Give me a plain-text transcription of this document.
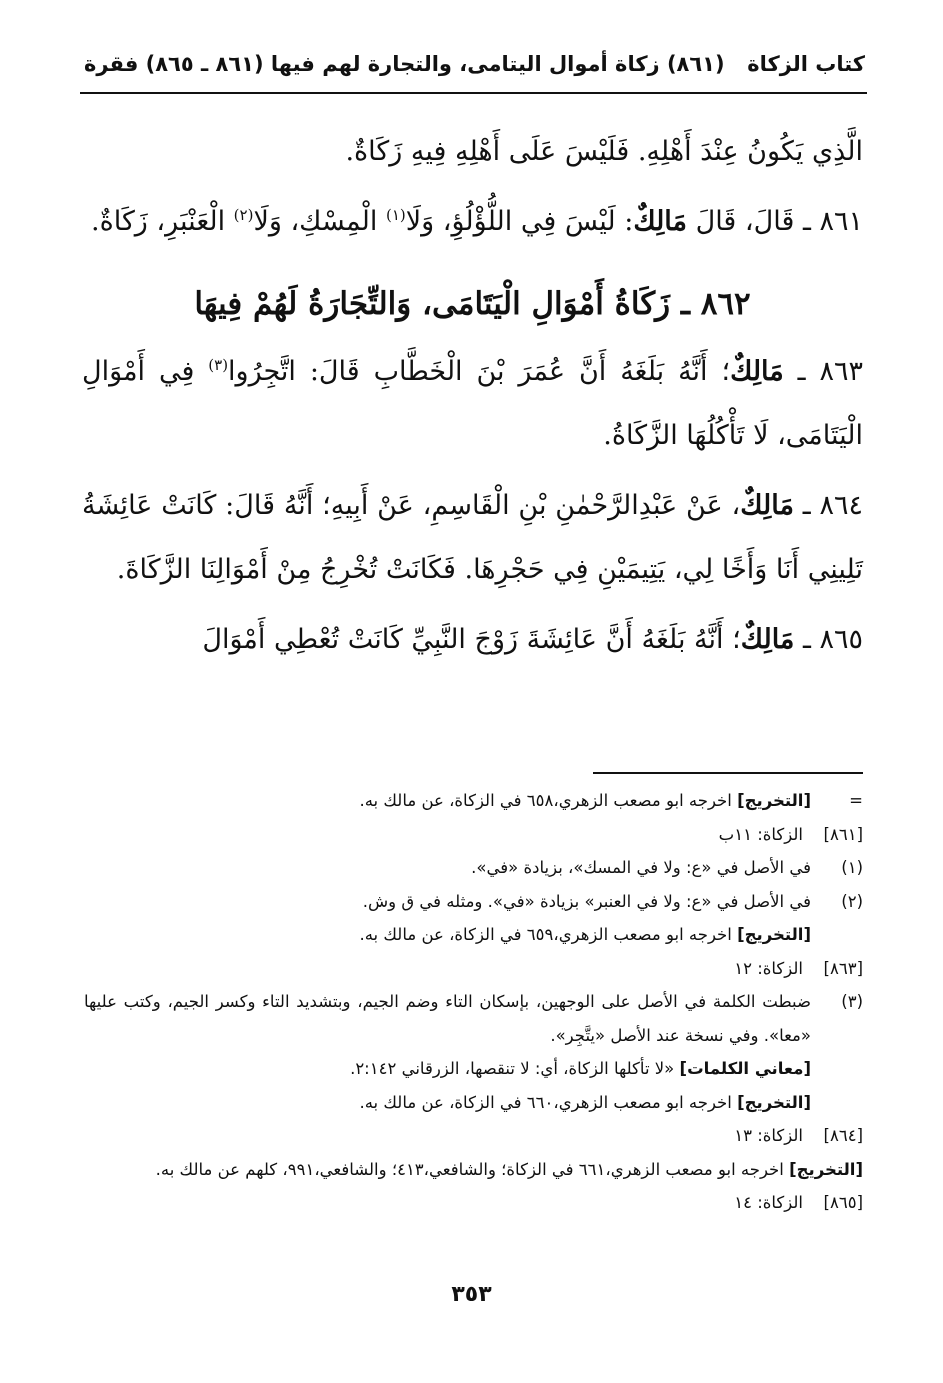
كتاب الزكاة
(٨٦١) زكاة أموال اليتامى، والتجارة لهم فيها (٨٦١ ـ ٨٦٥) فقرة

الَّذِي يَكُونُ عِنْدَ أَهْلِهِ. فَلَيْسَ عَلَى أَهْلِهِ فِيهِ زَكَاةٌ.

٨٦١ ـ قَالَ، قَالَ مَالِكٌ: لَيْسَ فِي اللُّؤْلُؤِ، وَلَا$^{(١)}$ الْمِسْكِ، وَلَا$^{(٢)}$ الْعَنْبَرِ، زَكَاةٌ.

٨٦٢ ـ زَكَاةُ أَمْوَالِ الْيَتَامَى، وَالتِّجَارَةُ لَهُمْ فِيهَا

٨٦٣ ـ مَالِكٌ؛ أَنَّهُ بَلَغَهُ أَنَّ عُمَرَ بْنَ الْخَطَّابِ قَالَ: اتَّجِرُوا$^{(٣)}$ فِي أَمْوَالِ الْيَتَامَى، لَا تَأْكُلُهَا الزَّكَاةُ.

٨٦٤ ـ مَالِكٌ، عَنْ عَبْدِالرَّحْمٰنِ بْنِ الْقَاسِمِ، عَنْ أَبِيهِ؛ أَنَّهُ قَالَ: كَانَتْ عَائِشَةُ تَلِينِي أَنَا وَأَخًا لِي، يَتِيمَيْنِ فِي حَجْرِهَا. فَكَانَتْ تُخْرِجُ مِنْ أَمْوَالِنَا الزَّكَاةَ.

٨٦٥ ـ مَالِكٌ؛ أَنَّهُ بَلَغَهُ أَنَّ عَائِشَةَ زَوْجَ النَّبِيِّ كَانَتْ تُعْطِي أَمْوَالَ

=
[التخريج] اخرجه ابو مصعب الزهري،٦٥٨ في الزكاة، عن مالك به.
[٨٦١]
الزكاة: ١١ب
(١)
في الأصل في «ع: ولا في المسك»، بزيادة «في».
(٢)
في الأصل في «ع: ولا في العنبر» بزيادة «في». ومثله في ق وش.
[التخريج] اخرجه ابو مصعب الزهري،٦٥٩ في الزكاة، عن مالك به.
[٨٦٣]
الزكاة: ١٢
(٣)
ضبطت الكلمة في الأصل على الوجهين، بإسكان التاء وضم الجيم، وبتشديد التاء وكسر الجيم، وكتب عليها «معا». وفي نسخة عند الأصل «يتَّجِر».
[معاني الكلمات] «لا تأكلها الزكاة، أي: لا تنقصها، الزرقاني ٢:١٤٢.
[التخريج] اخرجه ابو مصعب الزهري،٦٦٠ في الزكاة، عن مالك به.
[٨٦٤]
الزكاة: ١٣
[التخريج] اخرجه ابو مصعب الزهري،٦٦١ في الزكاة؛ والشافعي،٤١٣؛ والشافعي،٩٩١، كلهم عن مالك به.
[٨٦٥]
الزكاة: ١٤
٣٥٣
